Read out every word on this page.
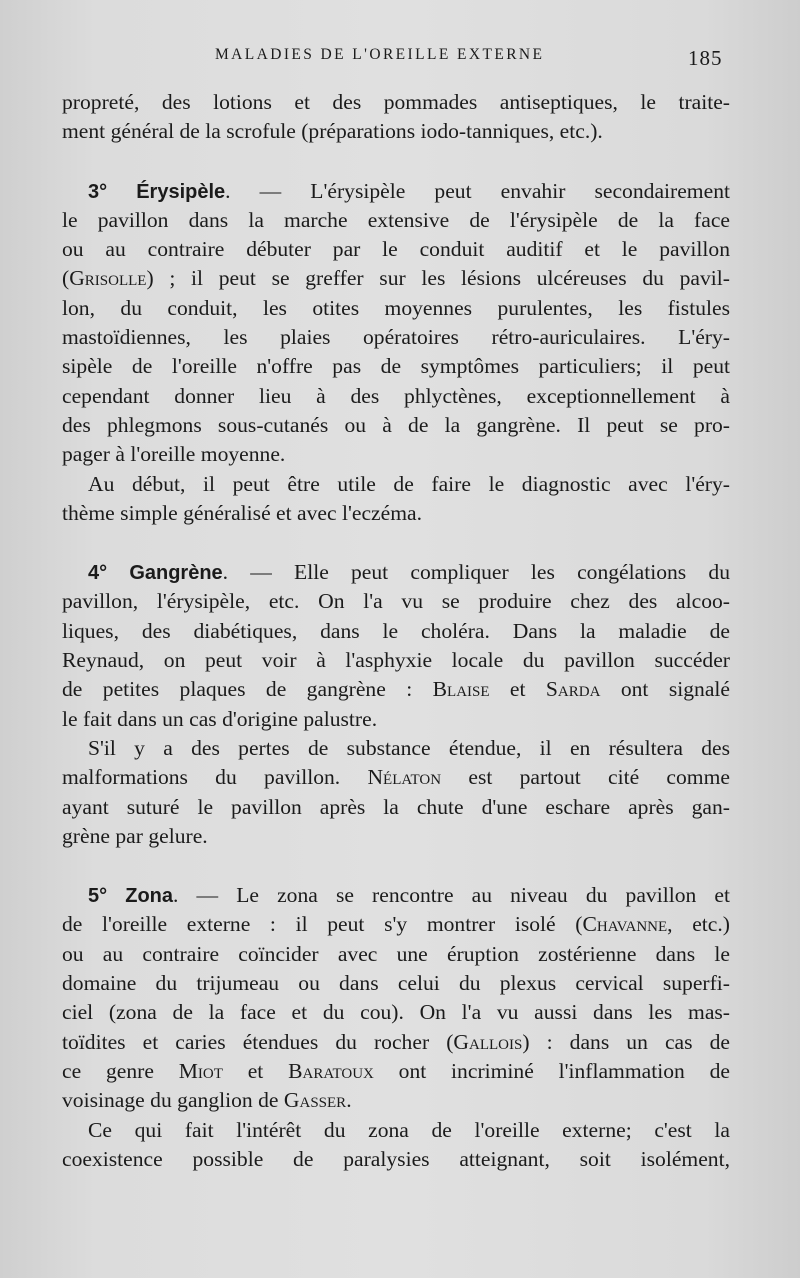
MALADIES DE L'OREILLE EXTERNE	185
propreté, des lotions et des pommades antiseptiques, le traite-
ment général de la scrofule (préparations iodo-tanniques, etc.).
3° Érysipèle. — L'érysipèle peut envahir secondairement
le pavillon dans la marche extensive de l'érysipèle de la face
ou au contraire débuter par le conduit auditif et le pavillon
(Grisolle) ; il peut se greffer sur les lésions ulcéreuses du pavil-
lon, du conduit, les otites moyennes purulentes, les fistules
mastoïdiennes, les plaies opératoires rétro-auriculaires. L'éry-
sipèle de l'oreille n'offre pas de symptômes particuliers; il peut
cependant donner lieu à des phlyctènes, exceptionnellement à
des phlegmons sous-cutanés ou à de la gangrène. Il peut se pro-
pager à l'oreille moyenne.
Au début, il peut être utile de faire le diagnostic avec l'éry-
thème simple généralisé et avec l'eczéma.
4° Gangrène. — Elle peut compliquer les congélations du
pavillon, l'érysipèle, etc. On l'a vu se produire chez des alcoo-
liques, des diabétiques, dans le choléra. Dans la maladie de
Reynaud, on peut voir à l'asphyxie locale du pavillon succéder
de petites plaques de gangrène : Blaise et Sarda ont signalé
le fait dans un cas d'origine palustre.
S'il y a des pertes de substance étendue, il en résultera des
malformations du pavillon. Nélaton est partout cité comme
ayant suturé le pavillon après la chute d'une eschare après gan-
grène par gelure.
5° Zona. — Le zona se rencontre au niveau du pavillon et
de l'oreille externe : il peut s'y montrer isolé (Chavanne, etc.)
ou au contraire coïncider avec une éruption zostérienne dans le
domaine du trijumeau ou dans celui du plexus cervical superfi-
ciel (zona de la face et du cou). On l'a vu aussi dans les mas-
toïdites et caries étendues du rocher (Gallois) : dans un cas de
ce genre Miot et Baratoux ont incriminé l'inflammation de
voisinage du ganglion de Gasser.
Ce qui fait l'intérêt du zona de l'oreille externe; c'est la
coexistence possible de paralysies atteignant, soit isolément,
